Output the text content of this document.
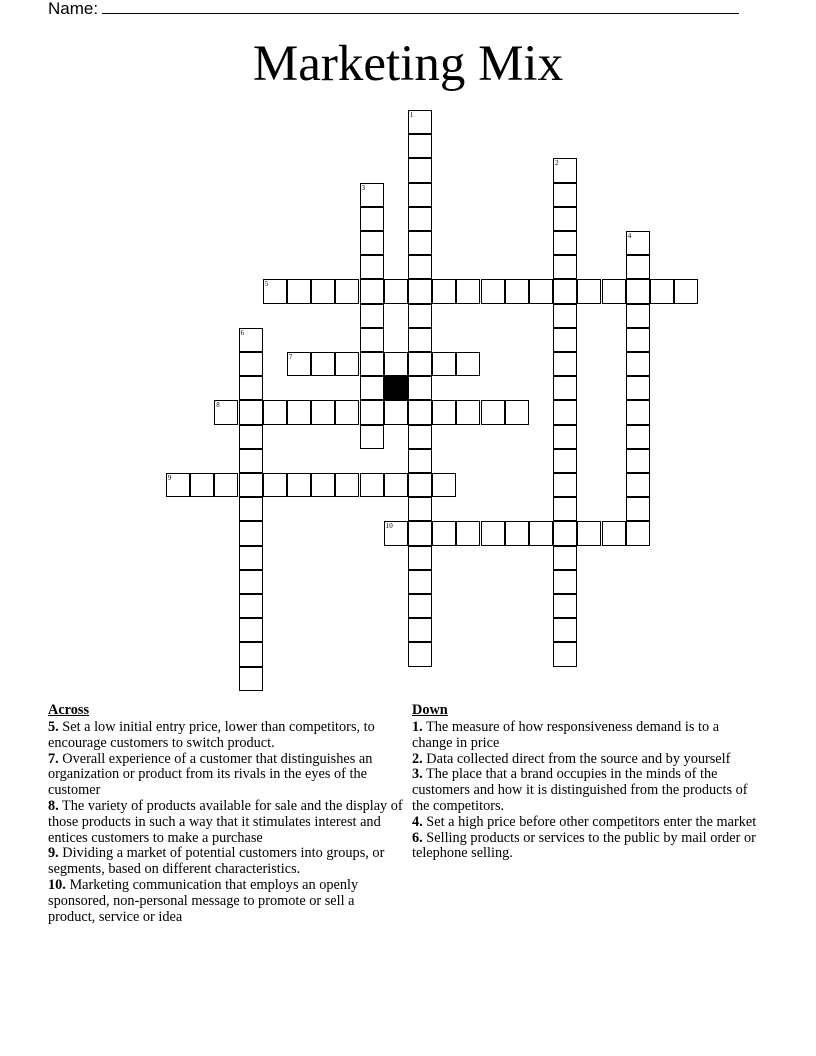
Name:
Marketing Mix
1
2
3
4
5
6
7
8
9
10
Across

5. Set a low initial entry price, lower than competitors, to encourage customers to switch product.

7. Overall experience of a customer that distinguishes an organization or product from its rivals in the eyes of the customer

8. The variety of products available for sale and the display of those products in such a way that it stimulates interest and entices customers to make a purchase

9. Dividing a market of potential customers into groups, or segments, based on different characteristics.

10. Marketing communication that employs an openly sponsored, non-personal message to promote or sell a product, service or idea

Down

1. The measure of how responsiveness demand is to a change in price

2. Data collected direct from the source and by yourself

3. The place that a brand occupies in the minds of the customers and how it is distinguished from the products of the competitors.

4. Set a high price before other competitors enter the market

6. Selling products or services to the public by mail order or telephone selling.
